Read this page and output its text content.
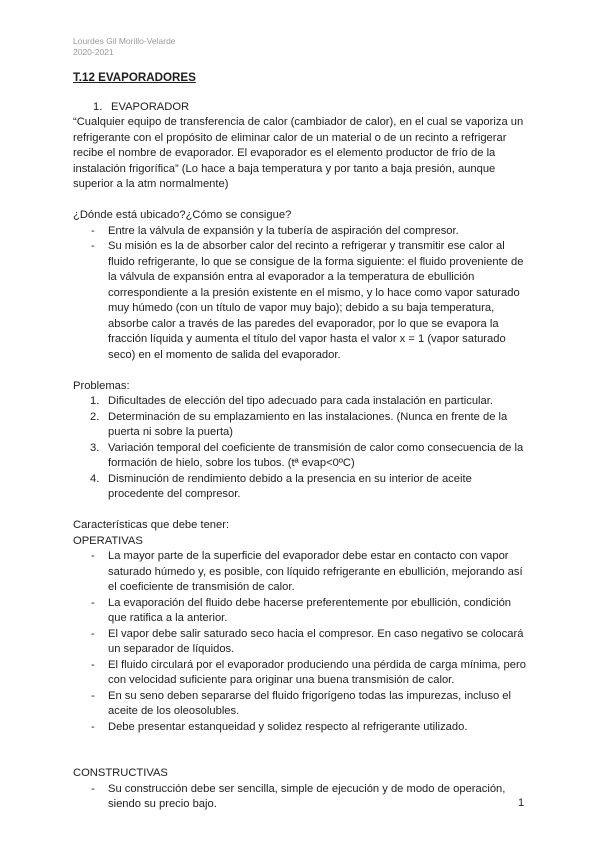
Lourdes Gil Morillo-Velarde
2020-2021
T.12 EVAPORADORES
1. EVAPORADOR
“Cualquier equipo de transferencia de calor (cambiador de calor), en el cual se vaporiza un refrigerante con el propósito de eliminar calor de un material o de un recinto a refrigerar recibe el nombre de evaporador. El evaporador es el elemento productor de frío de la instalación frigorífica” (Lo hace a baja temperatura y por tanto a baja presión, aunque superior a la atm normalmente)
¿Dónde está ubicado?¿Cómo se consigue?
- Entre la válvula de expansión y la tubería de aspiración del compresor.
- Su misión es la de absorber calor del recinto a refrigerar y transmitir ese calor al fluido refrigerante, lo que se consigue de la forma siguiente: el fluido proveniente de la válvula de expansión entra al evaporador a la temperatura de ebullición correspondiente a la presión existente en el mismo, y lo hace como vapor saturado muy húmedo (con un título de vapor muy bajo); debido a su baja temperatura, absorbe calor a través de las paredes del evaporador, por lo que se evapora la fracción líquida y aumenta el título del vapor hasta el valor x = 1 (vapor saturado seco) en el momento de salida del evaporador.
Problemas:
1. Dificultades de elección del tipo adecuado para cada instalación en particular.
2. Determinación de su emplazamiento en las instalaciones. (Nunca en frente de la puerta ni sobre la puerta)
3. Variación temporal del coeficiente de transmisión de calor como consecuencia de la formación de hielo, sobre los tubos. (tª evap<0ºC)
4. Disminución de rendimiento debido a la presencia en su interior de aceite procedente del compresor.
Características que debe tener:
OPERATIVAS
- La mayor parte de la superficie del evaporador debe estar en contacto con vapor saturado húmedo y, es posible, con líquido refrigerante en ebullición, mejorando así el coeficiente de transmisión de calor.
- La evaporación del fluido debe hacerse preferentemente por ebullición, condición que ratifica a la anterior.
- El vapor debe salir saturado seco hacia el compresor. En caso negativo se colocará un separador de líquidos.
- El fluido circulará por el evaporador produciendo una pérdida de carga mínima, pero con velocidad suficiente para originar una buena transmisión de calor.
- En su seno deben separarse del fluido frigorígeno todas las impurezas, incluso el aceite de los oleosolubles.
- Debe presentar estanqueidad y solidez respecto al refrigerante utilizado.
CONSTRUCTIVAS
- Su construcción debe ser sencilla, simple de ejecución y de modo de operación, siendo su precio bajo.	1
